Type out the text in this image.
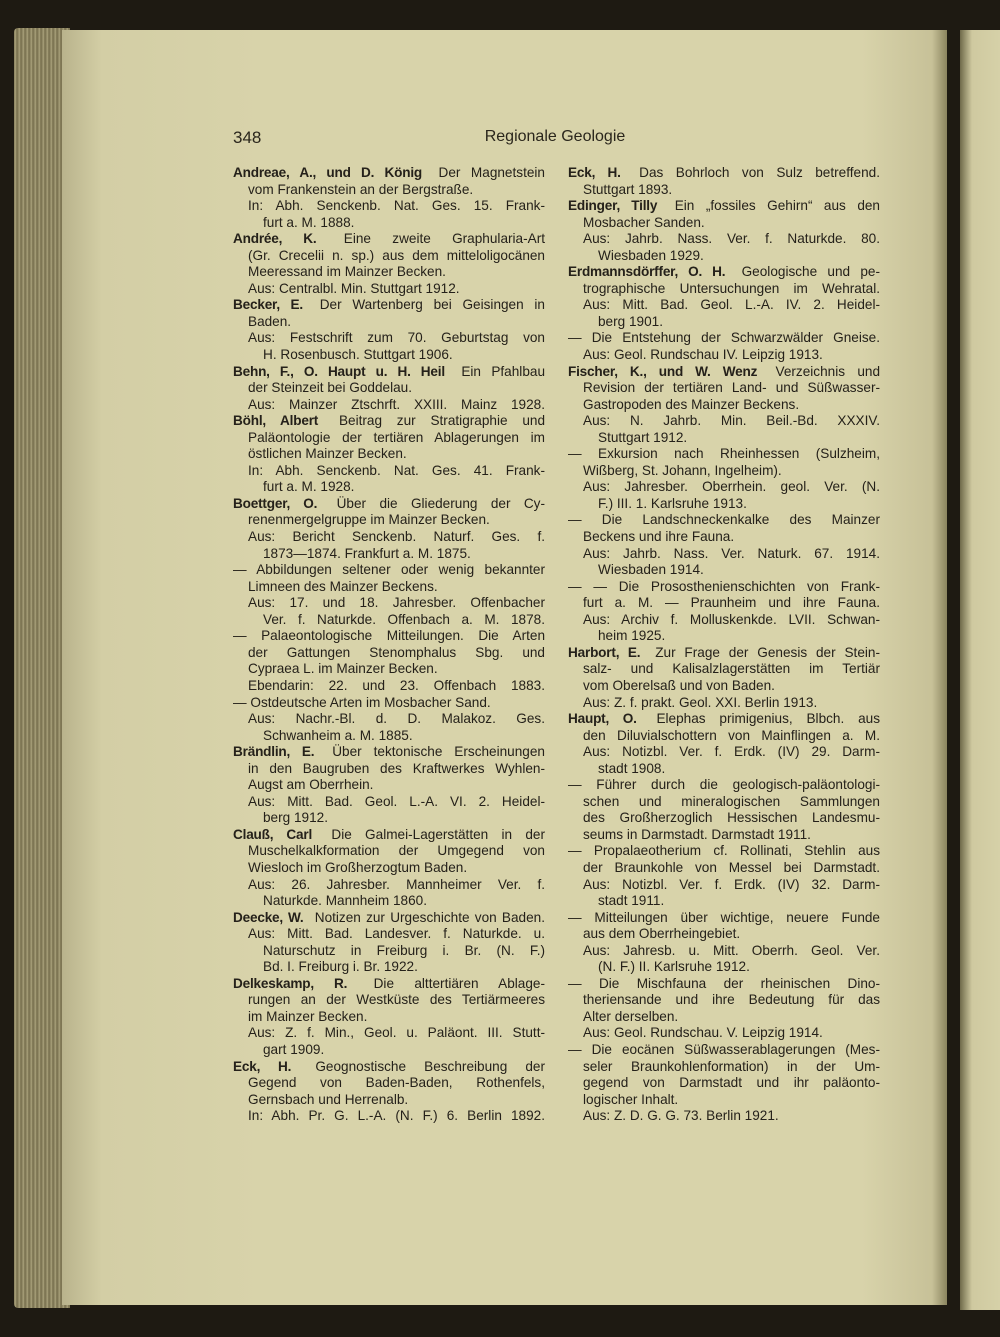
348	Regionale Geologie
Andreae, A., und D. König Der Magnetstein
vom Frankenstein an der Bergstraße.
In: Abh. Senckenb. Nat. Ges. 15. Frank-
furt a. M. 1888.
Andrée, K. Eine zweite Graphularia-Art
(Gr. Crecelii n. sp.) aus dem mitteloligocänen
Meeressand im Mainzer Becken.
Aus: Centralbl. Min. Stuttgart 1912.
Becker, E. Der Wartenberg bei Geisingen in
Baden.
Aus: Festschrift zum 70. Geburtstag von
H. Rosenbusch. Stuttgart 1906.
Behn, F., O. Haupt u. H. Heil Ein Pfahlbau
der Steinzeit bei Goddelau.
Aus: Mainzer Ztschrft. XXIII. Mainz 1928.
Böhl, Albert Beitrag zur Stratigraphie und
Paläontologie der tertiären Ablagerungen im
östlichen Mainzer Becken.
In: Abh. Senckenb. Nat. Ges. 41. Frank-
furt a. M. 1928.
Boettger, O. Über die Gliederung der Cy-
renenmergelgruppe im Mainzer Becken.
Aus: Bericht Senckenb. Naturf. Ges. f.
1873—1874. Frankfurt a. M. 1875.
— Abbildungen seltener oder wenig bekannter
Limneen des Mainzer Beckens.
Aus: 17. und 18. Jahresber. Offenbacher
Ver. f. Naturkde. Offenbach a. M. 1878.
— Palaeontologische Mitteilungen. Die Arten
der Gattungen Stenomphalus Sbg. und
Cypraea L. im Mainzer Becken.
Ebendarin: 22. und 23. Offenbach 1883.
— Ostdeutsche Arten im Mosbacher Sand.
Aus: Nachr.-Bl. d. D. Malakoz. Ges.
Schwanheim a. M. 1885.
Brändlin, E. Über tektonische Erscheinungen
in den Baugruben des Kraftwerkes Wyhlen-
Augst am Oberrhein.
Aus: Mitt. Bad. Geol. L.-A. VI. 2. Heidel-
berg 1912.
Clauß, Carl Die Galmei-Lagerstätten in der
Muschelkalkformation der Umgegend von
Wiesloch im Großherzogtum Baden.
Aus: 26. Jahresber. Mannheimer Ver. f.
Naturkde. Mannheim 1860.
Deecke, W. Notizen zur Urgeschichte von Baden.
Aus: Mitt. Bad. Landesver. f. Naturkde. u.
Naturschutz in Freiburg i. Br. (N. F.)
Bd. I. Freiburg i. Br. 1922.
Delkeskamp, R. Die alttertiären Ablage-
rungen an der Westküste des Tertiärmeeres
im Mainzer Becken.
Aus: Z. f. Min., Geol. u. Paläont. III. Stutt-
gart 1909.
Eck, H. Geognostische Beschreibung der
Gegend von Baden-Baden, Rothenfels,
Gernsbach und Herrenalb.
In: Abh. Pr. G. L.-A. (N. F.) 6. Berlin 1892.
Eck, H. Das Bohrloch von Sulz betreffend.
Stuttgart 1893.
Edinger, Tilly Ein „fossiles Gehirn“ aus den
Mosbacher Sanden.
Aus: Jahrb. Nass. Ver. f. Naturkde. 80.
Wiesbaden 1929.
Erdmannsdörffer, O. H. Geologische und pe-
trographische Untersuchungen im Wehratal.
Aus: Mitt. Bad. Geol. L.-A. IV. 2. Heidel-
berg 1901.
— Die Entstehung der Schwarzwälder Gneise.
Aus: Geol. Rundschau IV. Leipzig 1913.
Fischer, K., und W. Wenz Verzeichnis und
Revision der tertiären Land- und Süßwasser-
Gastropoden des Mainzer Beckens.
Aus: N. Jahrb. Min. Beil.-Bd. XXXIV.
Stuttgart 1912.
— Exkursion nach Rheinhessen (Sulzheim,
Wißberg, St. Johann, Ingelheim).
Aus: Jahresber. Oberrhein. geol. Ver. (N.
F.) III. 1. Karlsruhe 1913.
— Die Landschneckenkalke des Mainzer
Beckens und ihre Fauna.
Aus: Jahrb. Nass. Ver. Naturk. 67. 1914.
Wiesbaden 1914.
— — Die Prososthenienschichten von Frank-
furt a. M. — Praunheim und ihre Fauna.
Aus: Archiv f. Molluskenkde. LVII. Schwan-
heim 1925.
Harbort, E. Zur Frage der Genesis der Stein-
salz- und Kalisalzlagerstätten im Tertiär
vom Oberelsaß und von Baden.
Aus: Z. f. prakt. Geol. XXI. Berlin 1913.
Haupt, O. Elephas primigenius, Blbch. aus
den Diluvialschottern von Mainflingen a. M.
Aus: Notizbl. Ver. f. Erdk. (IV) 29. Darm-
stadt 1908.
— Führer durch die geologisch-paläontologi-
schen und mineralogischen Sammlungen
des Großherzoglich Hessischen Landesmu-
seums in Darmstadt. Darmstadt 1911.
— Propalaeotherium cf. Rollinati, Stehlin aus
der Braunkohle von Messel bei Darmstadt.
Aus: Notizbl. Ver. f. Erdk. (IV) 32. Darm-
stadt 1911.
— Mitteilungen über wichtige, neuere Funde
aus dem Oberrheingebiet.
Aus: Jahresb. u. Mitt. Oberrh. Geol. Ver.
(N. F.) II. Karlsruhe 1912.
— Die Mischfauna der rheinischen Dino-
theriensande und ihre Bedeutung für das
Alter derselben.
Aus: Geol. Rundschau. V. Leipzig 1914.
— Die eocänen Süßwasserablagerungen (Mes-
seler Braunkohlenformation) in der Um-
gegend von Darmstadt und ihr paläonto-
logischer Inhalt.
Aus: Z. D. G. G. 73. Berlin 1921.
